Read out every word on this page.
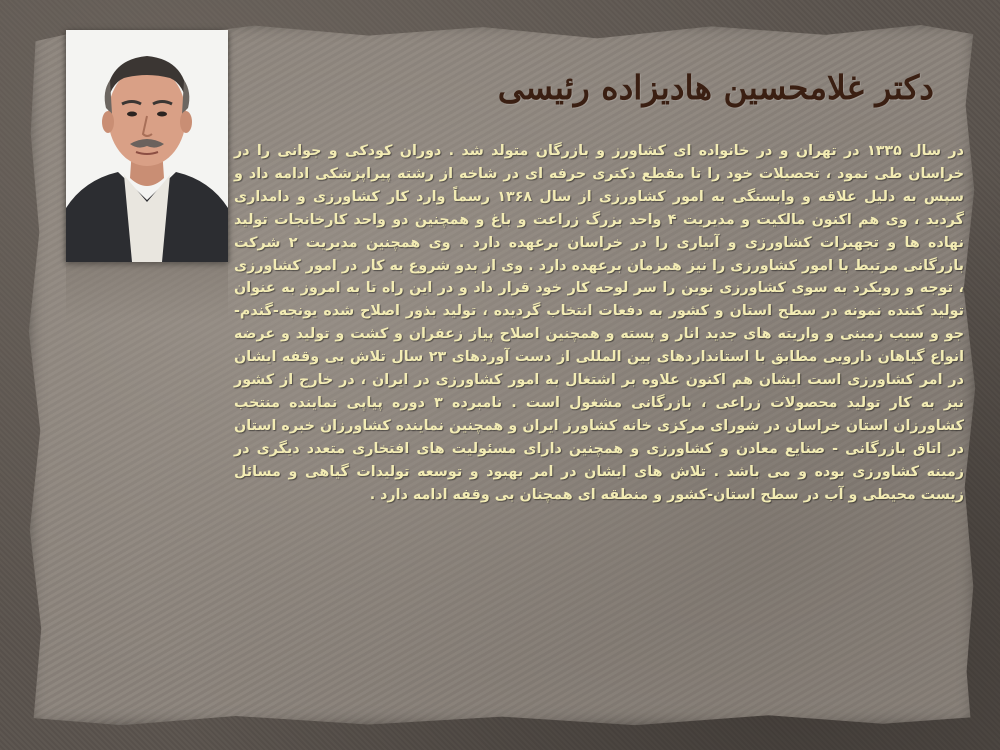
دکتر غلامحسین هادیزاده رئیسی
در سال ۱۳۳۵ در تهران و در خانواده ای کشاورز و بازرگان متولد شد . دوران کودکی و جوانی را در خراسان طی نمود ، تحصیلات خود را تا مقطع دکتری حرفه ای در شاخه از رشته پیراپزشکی ادامه داد و سپس به دلیل علاقه و وابستگی به امور کشاورزی از سال ۱۳۶۸ رسماً وارد کار کشاورزی و دامداری گردید ، وی هم اکنون مالکیت و مدیریت ۴ واحد بزرگ زراعت و باغ و همچنین دو واحد کارخانجات تولید نهاده ها و تجهیزات کشاورزی و آبیاری را در خراسان برعهده دارد . وی همچنین مدیریت ۲ شرکت بازرگانی مرتبط با امور کشاورزی را نیز همزمان برعهده دارد . وی از بدو شروع به کار در امور کشاورزی ، توجه و رویکرد به سوی کشاورزی نوین را سر لوحه کار خود قرار داد و در این راه تا به امروز به عنوان تولید کننده نمونه در سطح استان و کشور به دفعات انتخاب گردیده ، تولید بذور اصلاح شده یونجه-گندم-جو و سیب زمینی و واریته های جدید انار و پسته و همچنین اصلاح پیاز زعفران و کشت و تولید و عرضه انواع گیاهان دارویی مطابق با استانداردهای بین المللی از دست آوردهای ۲۳ سال تلاش بی وقفه ایشان در امر کشاورزی است ایشان هم اکنون علاوه بر اشتغال به امور کشاورزی در ایران ، در خارج از کشور نیز به کار تولید محصولات زراعی ، بازرگانی مشغول است . نامبرده ۳ دوره پیاپی نماینده منتخب کشاورزان استان خراسان در شورای مرکزی خانه کشاورز ایران و همچنین نماینده کشاورزان خبره استان در اتاق بازرگانی - صنایع معادن و کشاورزی و همچنین دارای مسئولیت های افتخاری متعدد دیگری در زمینه کشاورزی بوده و می باشد . تلاش های ایشان در امر بهبود و توسعه تولیدات گیاهی و مسائل زیست محیطی و آب در سطح استان-کشور و منطقه ای همچنان بی وقفه ادامه دارد .
